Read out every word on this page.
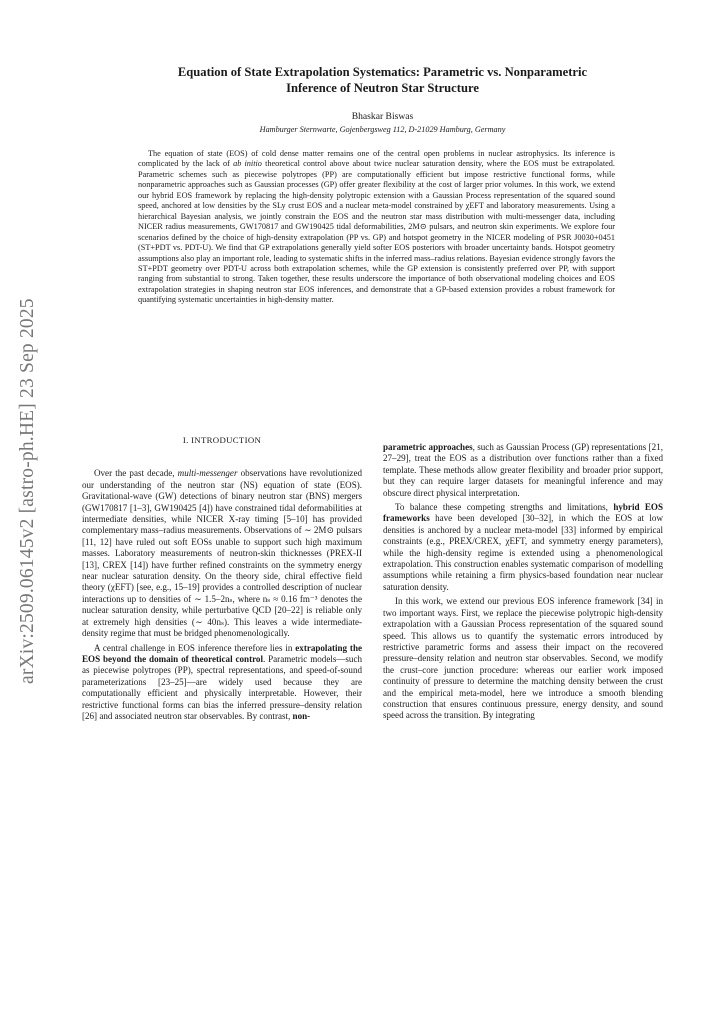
arXiv:2509.06145v2 [astro-ph.HE] 23 Sep 2025
Equation of State Extrapolation Systematics: Parametric vs. Nonparametric
Inference of Neutron Star Structure
Bhaskar Biswas
Hamburger Sternwarte, Gojenbergsweg 112, D-21029 Hamburg, Germany

The equation of state (EOS) of cold dense matter remains one of the central open problems in nuclear astrophysics. Its inference is complicated by the lack of ab initio theoretical control above about twice nuclear saturation density, where the EOS must be extrapolated. Parametric schemes such as piecewise polytropes (PP) are computationally efficient but impose restrictive functional forms, while nonparametric approaches such as Gaussian processes (GP) offer greater flexibility at the cost of larger prior volumes. In this work, we extend our hybrid EOS framework by replacing the high-density polytropic extension with a Gaussian Process representation of the squared sound speed, anchored at low densities by the SLy crust EOS and a nuclear meta-model constrained by χEFT and laboratory measurements. Using a hierarchical Bayesian analysis, we jointly constrain the EOS and the neutron star mass distribution with multi-messenger data, including NICER radius measurements, GW170817 and GW190425 tidal deformabilities, 2M⊙ pulsars, and neutron skin experiments. We explore four scenarios defined by the choice of high-density extrapolation (PP vs. GP) and hotspot geometry in the NICER modeling of PSR J0030+0451 (ST+PDT vs. PDT-U). We find that GP extrapolations generally yield softer EOS posteriors with broader uncertainty bands. Hotspot geometry assumptions also play an important role, leading to systematic shifts in the inferred mass–radius relations. Bayesian evidence strongly favors the ST+PDT geometry over PDT-U across both extrapolation schemes, while the GP extension is consistently preferred over PP, with support ranging from substantial to strong. Taken together, these results underscore the importance of both observational modeling choices and EOS extrapolation strategies in shaping neutron star EOS inferences, and demonstrate that a GP-based extension provides a robust framework for quantifying systematic uncertainties in high-density matter.

I. INTRODUCTION

Over the past decade, multi-messenger observations have revolutionized our understanding of the neutron star (NS) equation of state (EOS). Gravitational-wave (GW) detections of binary neutron star (BNS) mergers (GW170817 [1–3], GW190425 [4]) have constrained tidal deformabilities at intermediate densities, while NICER X-ray timing [5–10] has provided complementary mass–radius measurements. Observations of ∼ 2M⊙ pulsars [11, 12] have ruled out soft EOSs unable to support such high maximum masses. Laboratory measurements of neutron-skin thicknesses (PREX-II [13], CREX [14]) have further refined constraints on the symmetry energy near nuclear saturation density. On the theory side, chiral effective field theory (χEFT) [see, e.g., 15–19] provides a controlled description of nuclear interactions up to densities of ∼ 1.5–2nₛ, where nₛ ≈ 0.16 fm⁻³ denotes the nuclear saturation density, while perturbative QCD [20–22] is reliable only at extremely high densities (∼ 40nₛ). This leaves a wide intermediate-density regime that must be bridged phenomenologically.

A central challenge in EOS inference therefore lies in extrapolating the EOS beyond the domain of theoretical control. Parametric models—such as piecewise polytropes (PP), spectral representations, and speed-of-sound parameterizations [23–25]—are widely used because they are computationally efficient and physically interpretable. However, their restrictive functional forms can bias the inferred pressure–density relation [26] and associated neutron star observables. By contrast, non-

parametric approaches, such as Gaussian Process (GP) representations [21, 27–29], treat the EOS as a distribution over functions rather than a fixed template. These methods allow greater flexibility and broader prior support, but they can require larger datasets for meaningful inference and may obscure direct physical interpretation.

To balance these competing strengths and limitations, hybrid EOS frameworks have been developed [30–32], in which the EOS at low densities is anchored by a nuclear meta-model [33] informed by empirical constraints (e.g., PREX/CREX, χEFT, and symmetry energy parameters), while the high-density regime is extended using a phenomenological extrapolation. This construction enables systematic comparison of modelling assumptions while retaining a firm physics-based foundation near nuclear saturation density.

In this work, we extend our previous EOS inference framework [34] in two important ways. First, we replace the piecewise polytropic high-density extrapolation with a Gaussian Process representation of the squared sound speed. This allows us to quantify the systematic errors introduced by restrictive parametric forms and assess their impact on the recovered pressure–density relation and neutron star observables. Second, we modify the crust–core junction procedure: whereas our earlier work imposed continuity of pressure to determine the matching density between the crust and the empirical meta-model, here we introduce a smooth blending construction that ensures continuous pressure, energy density, and sound speed across the transition. By integrating
